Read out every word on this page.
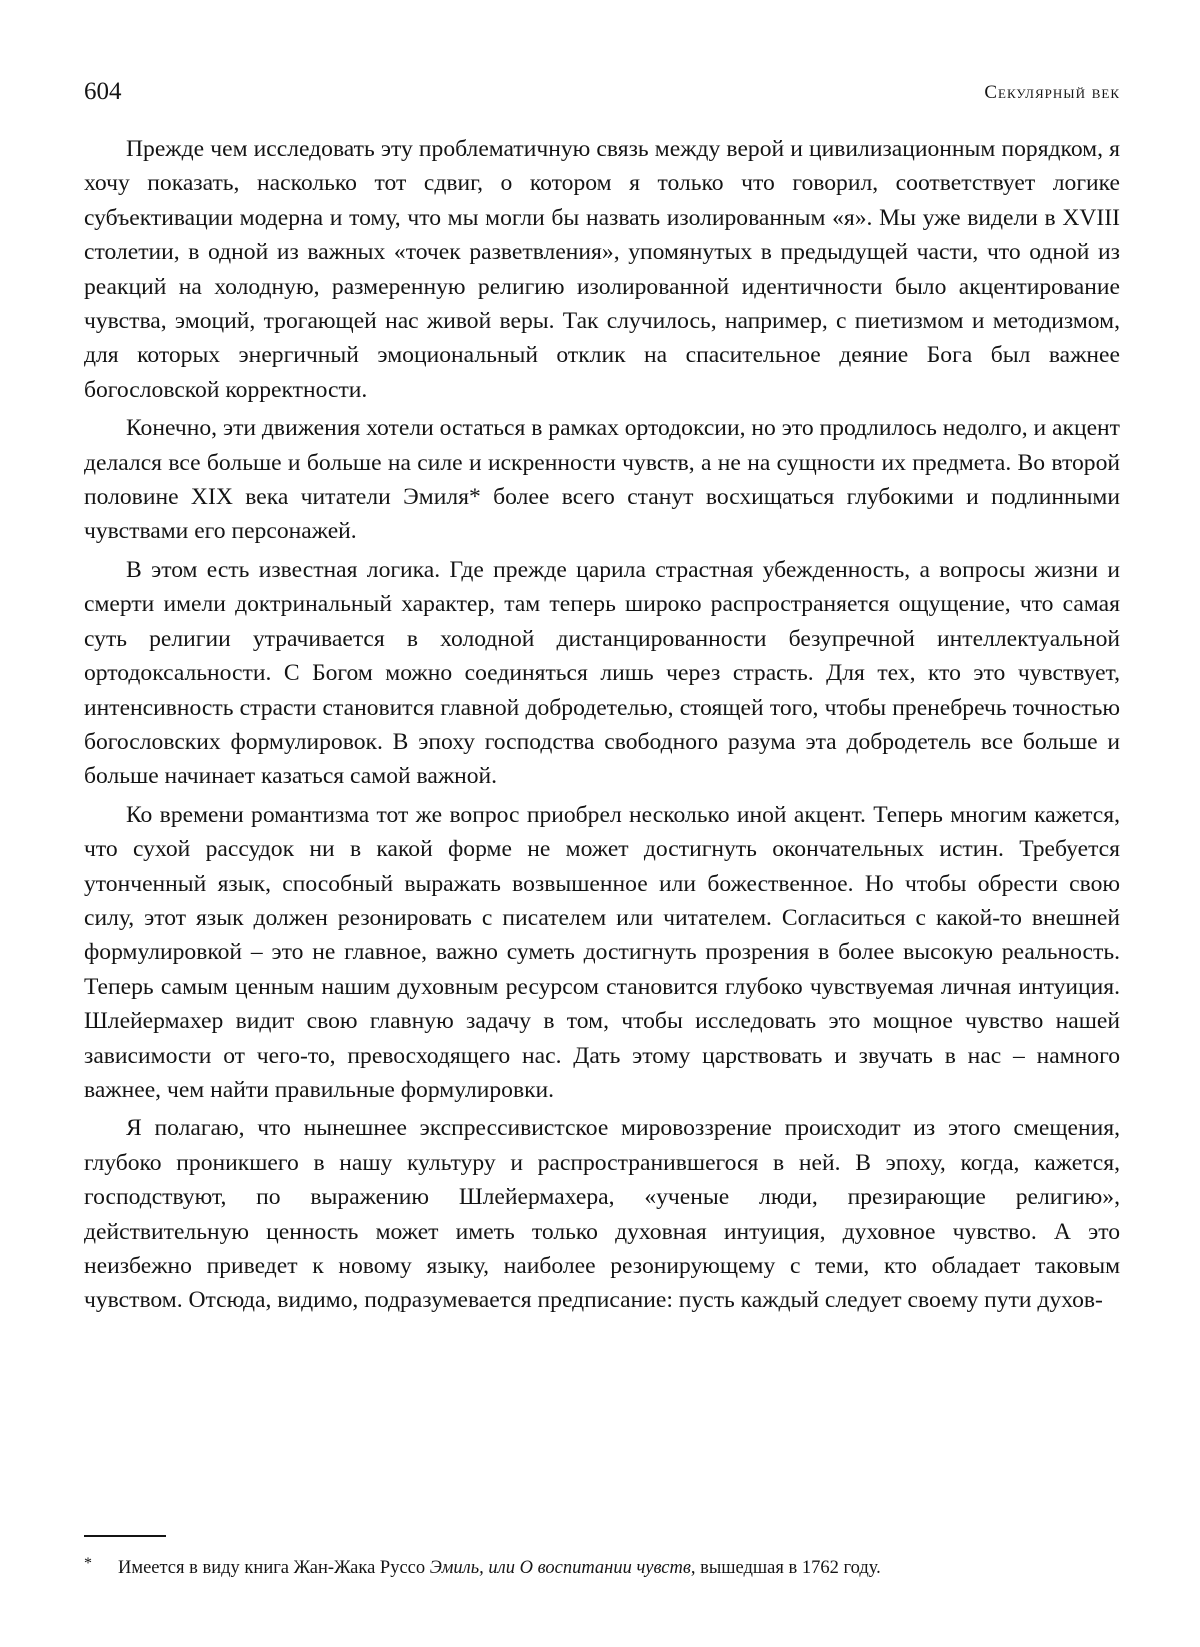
604	Секулярный век

Прежде чем исследовать эту проблематичную связь между верой и цивилизационным порядком, я хочу показать, насколько тот сдвиг, о котором я только что говорил, соответствует логике субъективации модерна и тому, что мы могли бы назвать изолированным «я». Мы уже видели в XVIII столетии, в одной из важных «точек разветвления», упомянутых в предыдущей части, что одной из реакций на холодную, размеренную религию изолированной идентичности было акцентирование чувства, эмоций, трогающей нас живой веры. Так случилось, например, с пиетизмом и методизмом, для которых энергичный эмоциональный отклик на спасительное деяние Бога был важнее богословской корректности.

Конечно, эти движения хотели остаться в рамках ортодоксии, но это продлилось недолго, и акцент делался все больше и больше на силе и искренности чувств, а не на сущности их предмета. Во второй половине XIX века читатели Эмиля* более всего станут восхищаться глубокими и подлинными чувствами его персонажей.

В этом есть известная логика. Где прежде царила страстная убежденность, а вопросы жизни и смерти имели доктринальный характер, там теперь широко распространяется ощущение, что самая суть религии утрачивается в холодной дистанцированности безупречной интеллектуальной ортодоксальности. С Богом можно соединяться лишь через страсть. Для тех, кто это чувствует, интенсивность страсти становится главной добродетелью, стоящей того, чтобы пренебречь точностью богословских формулировок. В эпоху господства свободного разума эта добродетель все больше и больше начинает казаться самой важной.

Ко времени романтизма тот же вопрос приобрел несколько иной акцент. Теперь многим кажется, что сухой рассудок ни в какой форме не может достигнуть окончательных истин. Требуется утонченный язык, способный выражать возвышенное или божественное. Но чтобы обрести свою силу, этот язык должен резонировать с писателем или читателем. Согласиться с какой-то внешней формулировкой – это не главное, важно суметь достигнуть прозрения в более высокую реальность. Теперь самым ценным нашим духовным ресурсом становится глубоко чувствуемая личная интуиция. Шлейермахер видит свою главную задачу в том, чтобы исследовать это мощное чувство нашей зависимости от чего-то, превосходящего нас. Дать этому царствовать и звучать в нас – намного важнее, чем найти правильные формулировки.

Я полагаю, что нынешнее экспрессивистское мировоззрение происходит из этого смещения, глубоко проникшего в нашу культуру и распространившегося в ней. В эпоху, когда, кажется, господствуют, по выражению Шлейермахера, «ученые люди, презирающие религию», действительную ценность может иметь только духовная интуиция, духовное чувство. А это неизбежно приведет к новому языку, наиболее резонирующему с теми, кто обладает таковым чувством. Отсюда, видимо, подразумевается предписание: пусть каждый следует своему пути духов-

* Имеется в виду книга Жан-Жака Руссо Эмиль, или О воспитании чувств, вышедшая в 1762 году.
